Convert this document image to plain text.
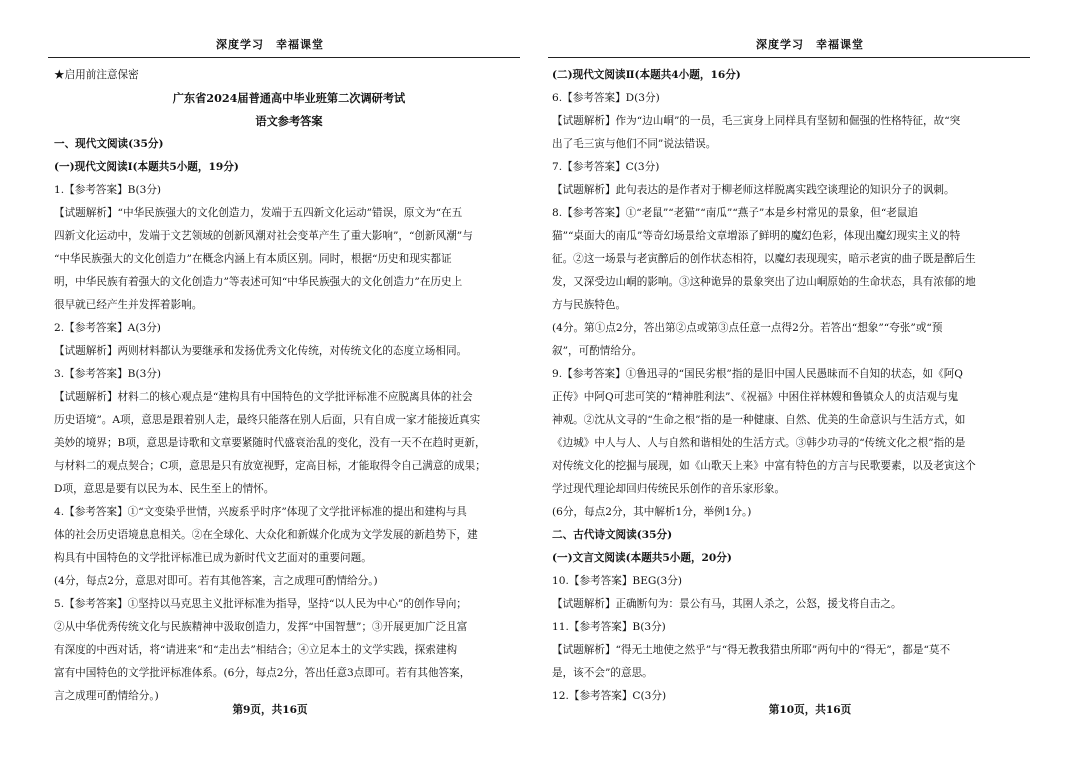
深度学习　幸福课堂

★启用前注意保密

广东省2024届普通高中毕业班第二次调研考试

语文参考答案

一、现代文阅读(35分)

(一)现代文阅读Ⅰ(本题共5小题，19分)

1.【参考答案】B(3分)

【试题解析】“中华民族强大的文化创造力，发端于五四新文化运动”错误，原文为“在五

四新文化运动中，发端于文艺领域的创新风潮对社会变革产生了重大影响”，“创新风潮”与

“中华民族强大的文化创造力”在概念内涵上有本质区别。同时，根据“历史和现实都证

明，中华民族有着强大的文化创造力”等表述可知“中华民族强大的文化创造力”在历史上

很早就已经产生并发挥着影响。

2.【参考答案】A(3分)

【试题解析】两则材料都认为要继承和发扬优秀文化传统，对传统文化的态度立场相同。

3.【参考答案】B(3分)

【试题解析】材料二的核心观点是“建构具有中国特色的文学批评标准不应脱离具体的社会

历史语境”。A项，意思是跟着别人走，最终只能落在别人后面，只有自成一家才能接近真实

美妙的境界；B项，意思是诗歌和文章要紧随时代盛衰治乱的变化，没有一天不在趋时更新，

与材料二的观点契合；C项，意思是只有放宽视野，定高目标，才能取得令自己满意的成果；

D项，意思是要有以民为本、民生至上的情怀。

4.【参考答案】①“文变染乎世情，兴废系乎时序”体现了文学批评标准的提出和建构与具

体的社会历史语境息息相关。②在全球化、大众化和新媒介化成为文学发展的新趋势下，建

构具有中国特色的文学批评标准已成为新时代文艺面对的重要问题。

(4分，每点2分，意思对即可。若有其他答案，言之成理可酌情给分。)

5.【参考答案】①坚持以马克思主义批评标准为指导，坚持“以人民为中心”的创作导向；

②从中华优秀传统文化与民族精神中汲取创造力，发挥“中国智慧”；③开展更加广泛且富

有深度的中西对话，将“请进来”和“走出去”相结合；④立足本土的文学实践，探索建构

富有中国特色的文学批评标准体系。(6分，每点2分，答出任意3点即可。若有其他答案，

言之成理可酌情给分。)

第9页，共16页
深度学习　幸福课堂

(二)现代文阅读Ⅱ(本题共4小题，16分)

6.【参考答案】D(3分)

【试题解析】作为“边山峒”的一员，毛三寅身上同样具有坚韧和倔强的性格特征，故“突

出了毛三寅与他们不同”说法错误。

7.【参考答案】C(3分)

【试题解析】此句表达的是作者对于柳老师这样脱离实践空谈理论的知识分子的讽刺。

8.【参考答案】①“老鼠”“老猫”“南瓜”“燕子”本是乡村常见的景象，但“老鼠追

猫”“桌面大的南瓜”等奇幻场景给文章增添了鲜明的魔幻色彩，体现出魔幻现实主义的特

征。②这一场景与老寅醉后的创作状态相符，以魔幻表现现实，暗示老寅的曲子既是醉后生

发，又深受边山峒的影响。③这种诡异的景象突出了边山峒原始的生命状态，具有浓郁的地

方与民族特色。

(4分。第①点2分，答出第②点或第③点任意一点得2分。若答出“想象”“夸张”或“预

叙”，可酌情给分。

9.【参考答案】①鲁迅寻的“国民劣根”指的是旧中国人民愚昧而不自知的状态，如《阿Q

正传》中阿Q可悲可笑的“精神胜利法”、《祝福》中困住祥林嫂和鲁镇众人的贞洁观与鬼

神观。②沈从文寻的“生命之根”指的是一种健康、自然、优美的生命意识与生活方式，如

《边城》中人与人、人与自然和谐相处的生活方式。③韩少功寻的“传统文化之根”指的是

对传统文化的挖掘与展现，如《山歌天上来》中富有特色的方言与民歌要素，以及老寅这个

学过现代理论却回归传统民乐创作的音乐家形象。

(6分，每点2分，其中解析1分，举例1分。)

二、古代诗文阅读(35分)

(一)文言文阅读(本题共5小题，20分)

10.【参考答案】BEG(3分)

【试题解析】正确断句为：景公有马，其圉人杀之，公怒，援戈将自击之。

11.【参考答案】B(3分)

【试题解析】“得无土地使之然乎”与“得无教我猎虫所耶”两句中的“得无”，都是“莫不

是，该不会”的意思。

12.【参考答案】C(3分)

第10页，共16页
